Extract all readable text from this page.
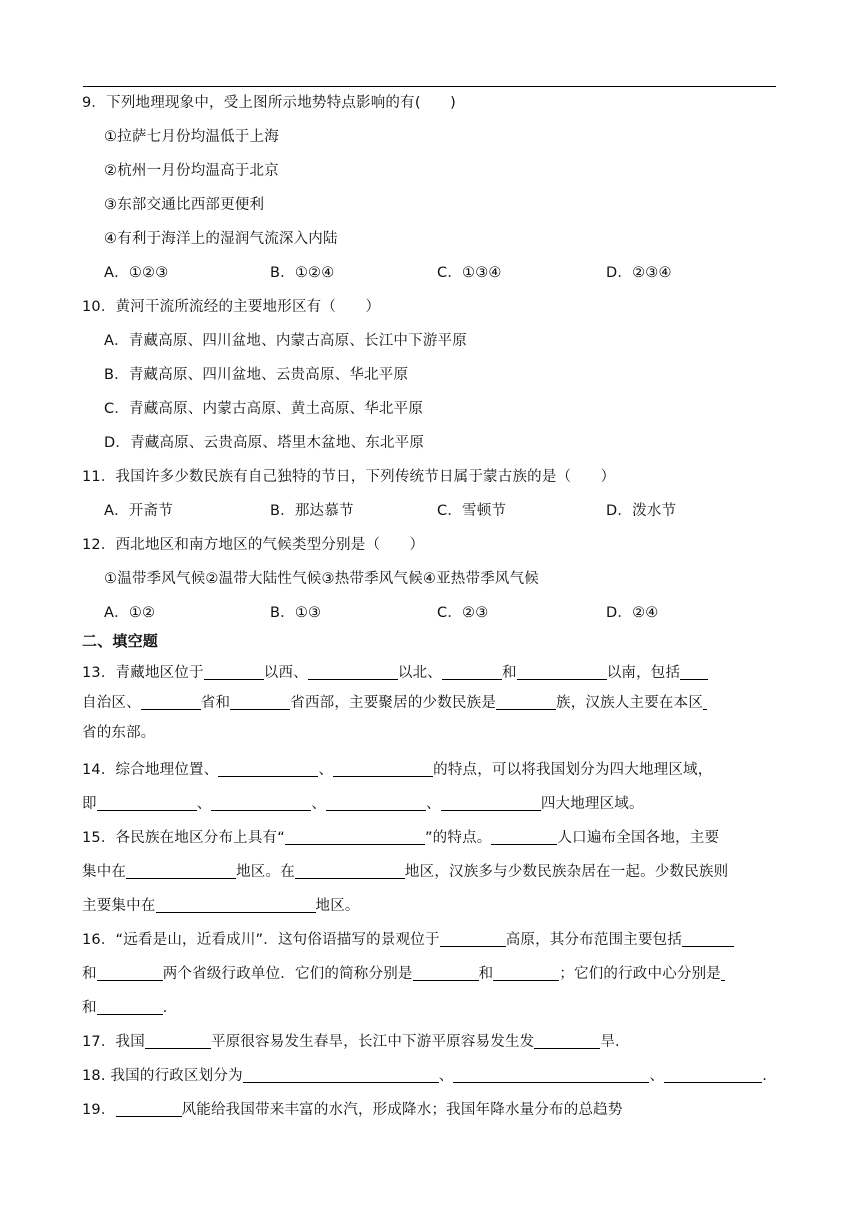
9．下列地理现象中，受上图所示地势特点影响的有(　　)
①拉萨七月份均温低于上海
②杭州一月份均温高于北京
③东部交通比西部更便利
④有利于海洋上的湿润气流深入内陆
A．①②③	B．①②④	C．①③④	D．②③④
10．黄河干流所流经的主要地形区有（　　）
A．青藏高原、四川盆地、内蒙古高原、长江中下游平原
B．青藏高原、四川盆地、云贵高原、华北平原
C．青藏高原、内蒙古高原、黄土高原、华北平原
D．青藏高原、云贵高原、塔里木盆地、东北平原
11．我国许多少数民族有自己独特的节日，下列传统节日属于蒙古族的是（　　）
A．开斋节	B．那达慕节	C．雪顿节	D．泼水节
12．西北地区和南方地区的气候类型分别是（　　）
①温带季风气候②温带大陆性气候③热带季风气候④亚热带季风气候
A．①②	B．①③	C．②③	D．②④
二、填空题
13．青藏地区位于	以西、	以北、	和	以南，包括
自治区、	省和	省西部，主要聚居的少数民族是	族，汉族人主要在本区
省的东部。
14．综合地理位置、	、	的特点，可以将我国划分为四大地理区域，
即	、	、	、	四大地理区域。
15．各民族在地区分布上具有“	”的特点。	人口遍布全国各地，主要
集中在	地区。在	地区，汉族多与少数民族杂居在一起。少数民族则
主要集中在	地区。
16．“远看是山，近看成川”．这句俗语描写的景观位于	高原，其分布范围主要包括
和	两个省级行政单位．它们的简称分别是	和	；它们的行政中心分别是
和	．
17．我国	平原很容易发生春旱，长江中下游平原容易发生发	旱．
18. 我国的行政区划分为	、	、	.
19．	风能给我国带来丰富的水汽，形成降水；我国年降水量分布的总趋势
